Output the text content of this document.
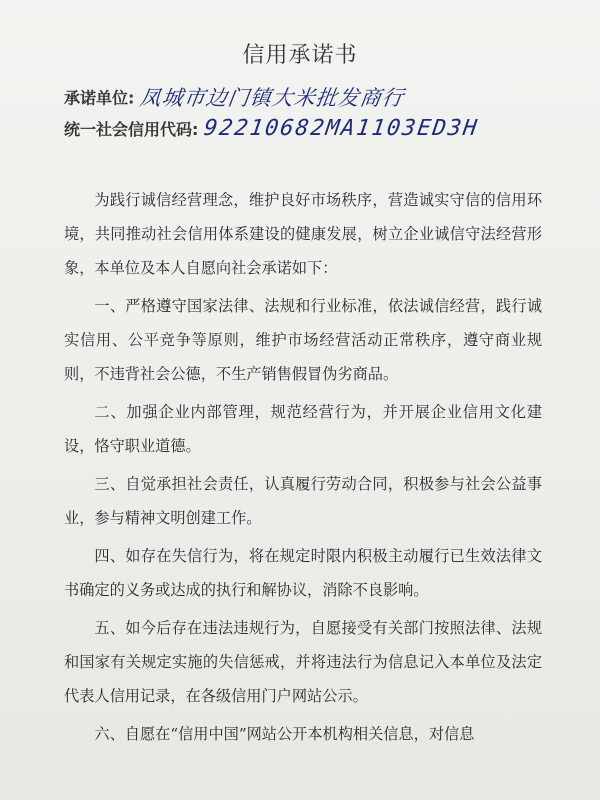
信用承诺书
承诺单位: 凤城市边门镇大米批发商行
统一社会信用代码: 92210682MA1103ED3H

为践行诚信经营理念，维护良好市场秩序，营造诚实守信的信用环境，共同推动社会信用体系建设的健康发展，树立企业诚信守法经营形象，本单位及本人自愿向社会承诺如下：

一、严格遵守国家法律、法规和行业标准，依法诚信经营，践行诚实信用、公平竞争等原则，维护市场经营活动正常秩序，遵守商业规则，不违背社会公德，不生产销售假冒伪劣商品。

二、加强企业内部管理，规范经营行为，并开展企业信用文化建设，恪守职业道德。

三、自觉承担社会责任，认真履行劳动合同，积极参与社会公益事业，参与精神文明创建工作。

四、如存在失信行为，将在规定时限内积极主动履行已生效法律文书确定的义务或达成的执行和解协议，消除不良影响。

五、如今后存在违法违规行为，自愿接受有关部门按照法律、法规和国家有关规定实施的失信惩戒，并将违法行为信息记入本单位及法定代表人信用记录，在各级信用门户网站公示。

六、自愿在“信用中国”网站公开本机构相关信息，对信息
